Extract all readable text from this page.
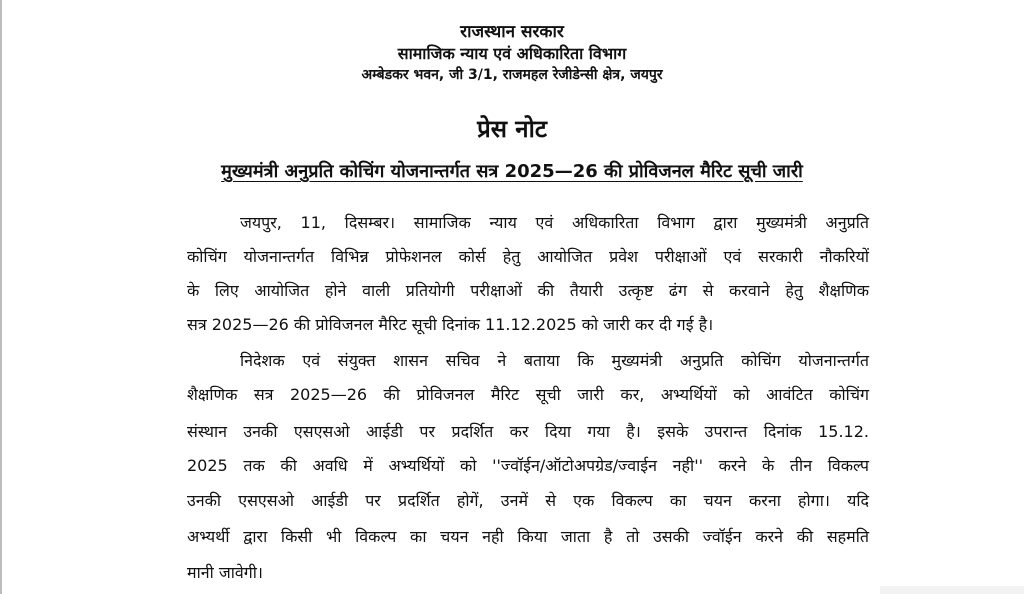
राजस्थान सरकार
सामाजिक न्याय एवं अधिकारिता विभाग
अम्बेडकर भवन, जी 3/1, राजमहल रेजीडेन्सी क्षेत्र, जयपुर
प्रेस नोट
मुख्यमंत्री अनुप्रति कोचिंग योजनान्तर्गत सत्र 2025—26 की प्रोविजनल मैरिट सूची जारी
जयपुर, 11, दिसम्बर। सामाजिक न्याय एवं अधिकारिता विभाग द्वारा मुख्यमंत्री अनुप्रति
कोचिंग योजनान्तर्गत विभिन्न प्रोफेशनल कोर्स हेतु आयोजित प्रवेश परीक्षाओं एवं सरकारी नौकरियों
के लिए आयोजित होने वाली प्रतियोगी परीक्षाओं की तैयारी उत्कृष्ट ढंग से करवाने हेतु शैक्षणिक
सत्र 2025—26 की प्रोविजनल मैरिट सूची दिनांक 11.12.2025 को जारी कर दी गई है।
निदेशक एवं संयुक्त शासन सचिव ने बताया कि मुख्यमंत्री अनुप्रति कोचिंग योजनान्तर्गत
शैक्षणिक सत्र 2025—26 की प्रोविजनल मैरिट सूची जारी कर, अभ्यर्थियों को आवंटित कोचिंग
संस्थान उनकी एसएसओ आईडी पर प्रदर्शित कर दिया गया है। इसके उपरान्त दिनांक 15.12.
2025 तक की अवधि में अभ्यर्थियों को ''ज्वॉईन/ऑटोअपग्रेड/ज्वाईन नही'' करने के तीन विकल्प
उनकी एसएसओ आईडी पर प्रदर्शित होगें, उनमें से एक विकल्प का चयन करना होगा। यदि
अभ्यर्थी द्वारा किसी भी विकल्प का चयन नही किया जाता है तो उसकी ज्वॉईन करने की सहमति
मानी जावेगी।
